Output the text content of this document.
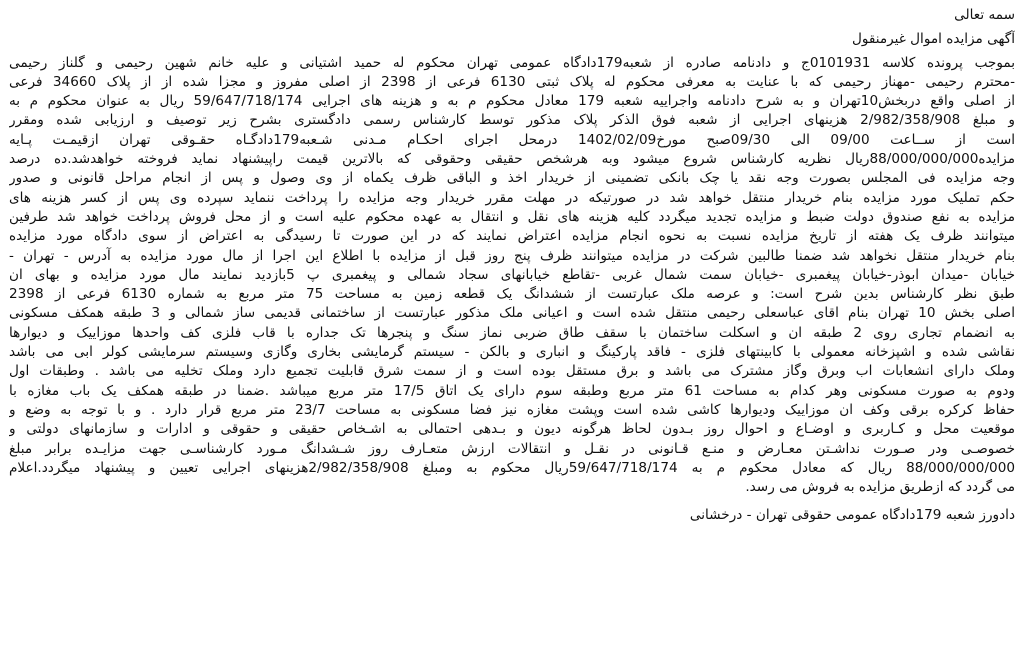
سمه تعالی
آگهی مزایده اموال غیرمنقول
بموجب پرونده کلاسه 0101931ج و دادنامه صادره از شعبه179دادگاه عمومی تهران محکوم له حمید اشتیانی و علیه خانم شهین رحیمی و گلناز رحیمی
-محترم رحیمی -مهناز رحیمی که با عنایت به معرفی محکوم له پلاک ثبتی 6130 فرعی از 2398 از اصلی مفروز و مجزا شده از از پلاک 34660 فرعی
از اصلی واقع دربخش10تهران و به شرح دادنامه واجراییه شعبه 179 معادل محکوم م به و هزینه های اجرایی 59/647/718/174 ریال به عنوان محکوم م به
و مبلغ 2/982/358/908 هزینهای اجرایی از شعبه فوق الذکر پلاک مذکور توسط کارشناس رسمی دادگستری بشرح زیر توصیف و ارزیابی شده ومقرر
است از ســاعت 09/00 الی 09/30صبح مورخ1402/02/09 درمحل اجرای احکـام مـدنی شـعبه179دادگـاه حقـوقی تهران ازقیمـت پـایه
مزایده88/000/000/000ریال نظریه کارشناس شروع میشود وبه هرشخص حقیقی وحقوقی که بالاترین قیمت راپیشنهاد نماید فروخته خواهدشد.ده درصد
وجه مزایده فی المجلس بصورت وجه نقد یا چک بانکی تضمینی از خریدار اخذ و الباقی ظرف یکماه از وی وصول و پس از انجام مراحل قانونی و صدور
حکم تملیک مورد مزایده بنام خریدار منتقل خواهد شد در صورتیکه در مهلت مقرر خریدار وجه مزایده را پرداخت ننماید سپرده وی پس از کسر هزینه های
مزایده به نفع صندوق دولت ضبط و مزایده تجدید میگردد کلیه هزینه های نقل و انتقال به عهده محکوم علیه است و از محل فروش پرداخت خواهد شد طرفین
میتوانند ظرف یک هفته از تاریخ مزایده نسبت به نحوه انجام مزایده اعتراض نمایند که در این صورت تا رسیدگی به اعتراض از سوی دادگاه مورد مزایده
بنام خریدار منتقل نخواهد شد ضمنا طالبین شرکت در مزایده میتوانند ظرف پنج روز قبل از مزایده با اطلاع این اجرا از مال مورد مزایده به آدرس - تهران -
خیابان -میدان ابوذر-خیابان پیغمبری -خیابان سمت شمال غربی -تقاطع خیابانهای سجاد شمالی و پیغمبری پ 5بازدید نمایند مال مورد مزایده و بهای ان
طبق نظر کارشناس بدین شرح است: و عرصه ملک عبارتست از ششدانگ یک قطعه زمین به مساحت 75 متر مربع به شماره 6130 فرعی از 2398
اصلی بخش 10 تهران بنام اقای عباسعلی رحیمی منتقل شده است و اعیانی ملک مذکور عبارتست از ساختمانی قدیمی ساز شمالی و 3 طبقه همکف مسکونی
به انضمام تجاری روی 2 طبقه ان و اسکلت ساختمان با سقف طاق ضربی نماز سنگ و پنجرها تک جداره با قاب فلزی کف واحدها موزاییک و دیوارها
نقاشی شده و اشپزخانه معمولی با کابینتهای فلزی - فاقد پارکینگ و انباری و بالکن - سیستم گرمایشی بخاری وگازی وسیستم سرمایشی کولر ابی می باشد
وملک دارای انشعابات اب وبرق وگاز مشترک می باشد و برق مستقل بوده است و از سمت شرق قابلیت تجمیع دارد وملک تخلیه می باشد . وطبقات اول
ودوم به صورت مسکونی وهر کدام به مساحت 61 متر مربع وطبقه سوم دارای یک اتاق 17/5 متر مربع میباشد .ضمنا در طبقه همکف یک باب مغازه با
حفاظ کرکره برقی وکف ان موزاییک ودیوارها کاشی شده است وپشت مغازه نیز فضا مسکونی به مساحت 23/7 متر مربع قرار دارد . و با توجه به وضع و
موقعیت محل و کـاربری و اوضـاع و احوال روز بـدون لحاظ هرگونه دیون و بـدهی احتمالی به اشـخاص حقیقی و حقوقی و ادارات و سازمانهای دولتی و
خصوصـی ودر صـورت نداشـتن معـارض و منـع قـانونی در نقـل و انتقالات ارزش متعـارف روز شـشدانگ مـورد کارشناسـی جهت مزایـده برابر مبلغ
88/000/000/000 ریال که معادل محکوم م به 59/647/718/174ریال محکوم به ومبلغ 2/982/358/908هزینهای اجرایی تعیین و پیشنهاد میگردد.اعلام
می گردد که ازطریق مزایده به فروش می رسد.
دادورز شعبه 179دادگاه عمومی حقوقی تهران - درخشانی
